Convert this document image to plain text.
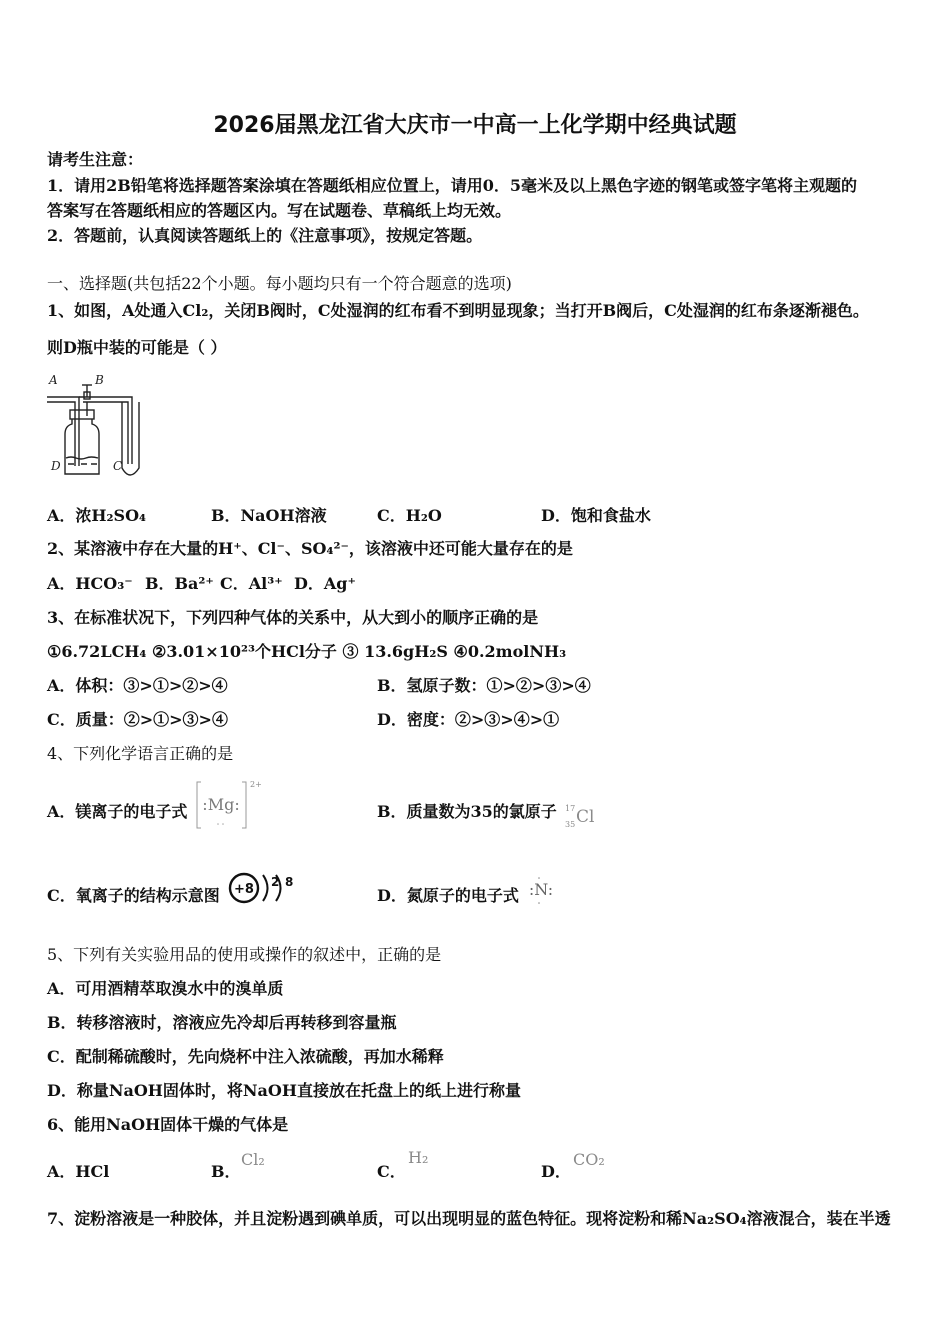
2026届黑龙江省大庆市一中高一上化学期中经典试题
请考生注意：
1．请用2B铅笔将选择题答案涂填在答题纸相应位置上，请用0．5毫米及以上黑色字迹的钢笔或签字笔将主观题的
答案写在答题纸相应的答题区内。写在试题卷、草稿纸上均无效。
2．答题前，认真阅读答题纸上的《注意事项》，按规定答题。
一、选择题(共包括22个小题。每小题均只有一个符合题意的选项)
1、如图，A处通入Cl₂，关闭B阀时，C处湿润的红布看不到明显现象；当打开B阀后，C处湿润的红布条逐渐褪色。
则D瓶中装的可能是（ ）
A	B
D	C
A．浓H₂SO₄	B．NaOH溶液	C．H₂O	D．饱和食盐水
2、某溶液中存在大量的H⁺、Cl⁻、SO₄²⁻，该溶液中还可能大量存在的是
A．HCO₃⁻ B．Ba²⁺ C．Al³⁺ D．Ag⁺
3、在标准状况下，下列四种气体的关系中，从大到小的顺序正确的是
①6.72LCH₄ ②3.01×10²³个HCl分子 ③ 13.6gH₂S ④0.2molNH₃
A．体积：③>①>②>④	B．氢原子数：①>②>③>④
C．质量：②>①>③>④	D．密度：②>③>④>①
4、下列化学语言正确的是
A．镁离子的电子式 :Mg:
2+
B．质量数为35的氯原子 17
35 Cl
C．氧离子的结构示意图 +8 2 8
D．氮原子的电子式 :N:
5、下列有关实验用品的使用或操作的叙述中，正确的是
A．可用酒精萃取溴水中的溴单质
B．转移溶液时，溶液应先冷却后再转移到容量瓶
C．配制稀硫酸时，先向烧杯中注入浓硫酸，再加水稀释
D．称量NaOH固体时，将NaOH直接放在托盘上的纸上进行称量
6、能用NaOH固体干燥的气体是
A．HCl	B．
Cl₂
C．
H₂
D．
CO₂
7、淀粉溶液是一种胶体，并且淀粉遇到碘单质，可以出现明显的蓝色特征。现将淀粉和稀Na₂SO₄溶液混合，装在半透
